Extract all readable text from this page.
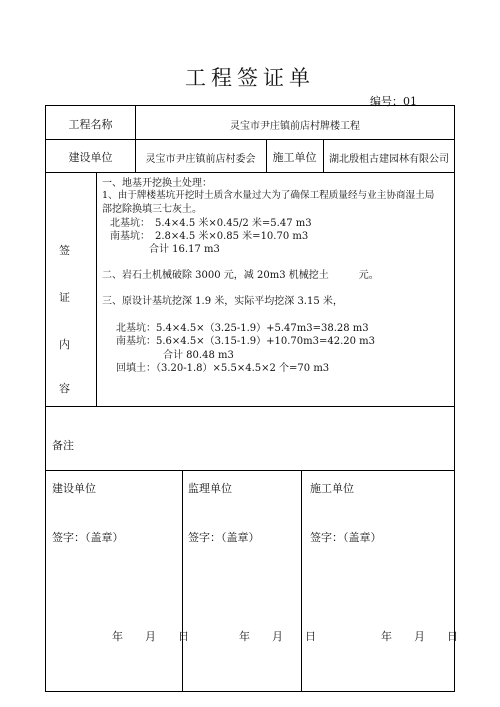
工程签证单
编号：01
工程名称	灵宝市尹庄镇前店村牌楼工程
建设单位	灵宝市尹庄镇前店村委会	施工单位	湖北殷柤古建园林有限公司
签
证
内
容
一、地基开挖换土处理：
1、由于牌楼基坑开挖时土质含水量过大为了确保工程质量经与业主协商湿土局
部挖除换填三七灰土。
北基坑：　5.4×4.5 米×0.45/2 米=5.47 m3
南基坑：　2.8×4.5 米×0.85 米=10.70 m3
合计 16.17 m3
二、岩石土机械破除 3000 元，减 20m3 机械挖土　　　元。
三、原设计基坑挖深 1.9 米，实际平均挖深 3.15 米，
北基坑：5.4×4.5×（3.25-1.9）+5.47m3=38.28 m3
南基坑：5.6×4.5×（3.15-1.9）+10.70m3=42.20 m3
合计 80.48 m3
回填土：（3.20-1.8）×5.5×4.5×2 个=70 m3
备注
建设单位
签字：（盖章）
年　　月　　日
监理单位
签字：（盖章）
年　　月　　日
施工单位
签字：（盖章）
年　　月　　日
